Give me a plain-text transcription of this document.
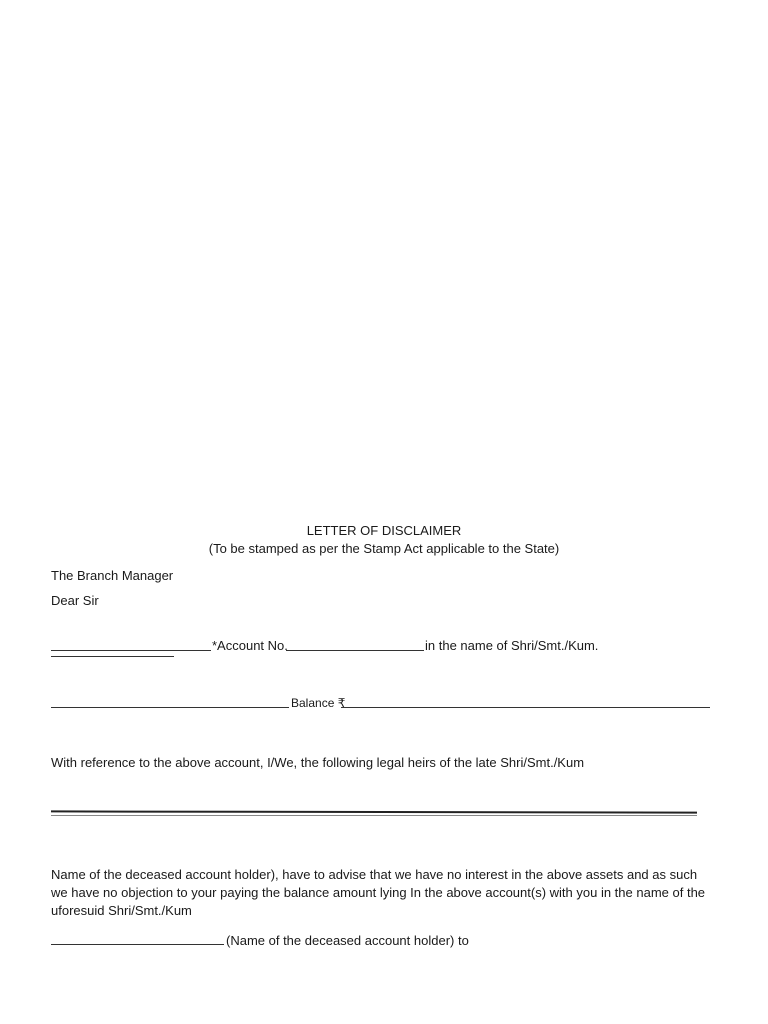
LETTER OF DISCLAIMER
(To be stamped as per the Stamp Act applicable to the State)
The Branch Manager
Dear Sir
*Account No.	in the name of Shri/Smt./Kum.
Balance ₹
With reference to the above account, I/We, the following legal heirs of the late Shri/Smt./Kum
Name of the deceased account holder), have to advise that we have no interest in the above assets and as such we have no objection to your paying the balance amount lying In the above account(s) with you in the name of the uforesuid Shri/Smt./Kum
(Name of the deceased account holder) to
